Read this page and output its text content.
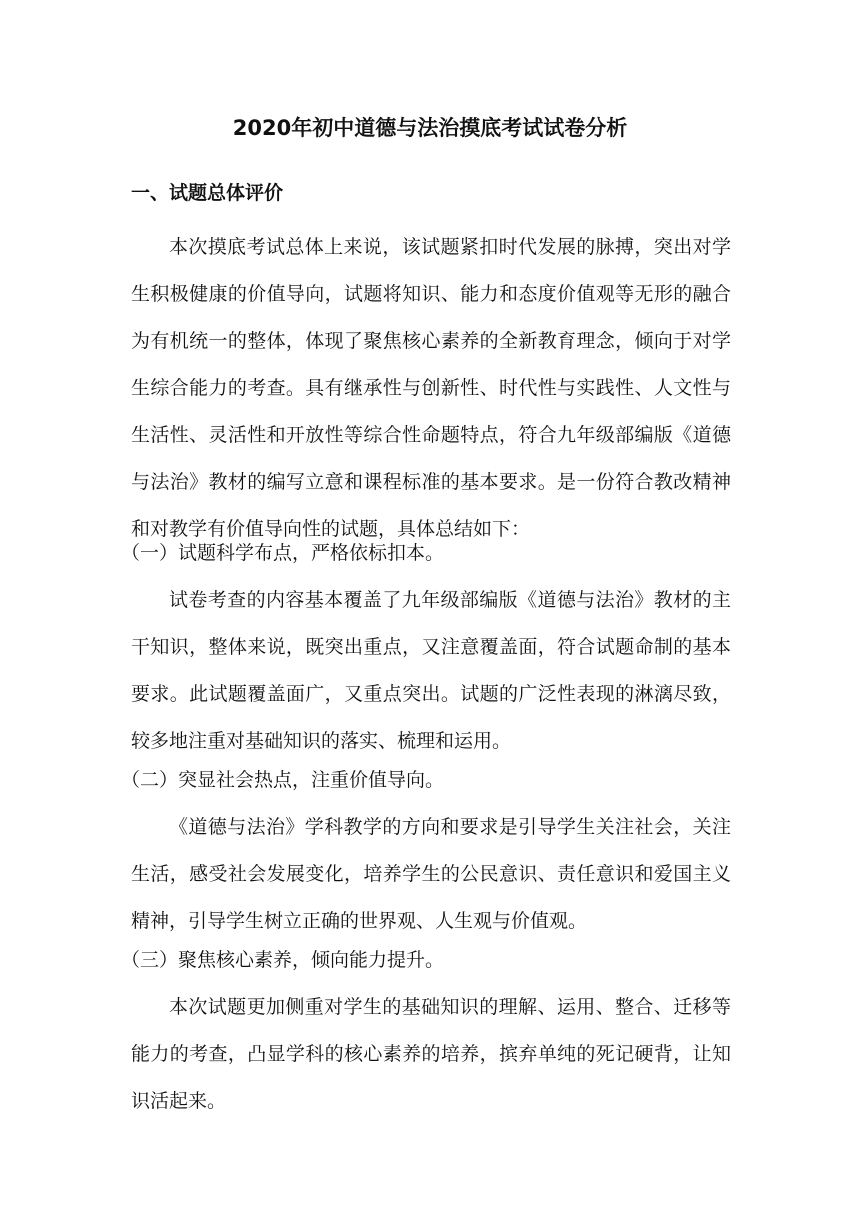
2020年初中道德与法治摸底考试试卷分析
一、试题总体评价

本次摸底考试总体上来说，该试题紧扣时代发展的脉搏，突出对学生积极健康的价值导向，试题将知识、能力和态度价值观等无形的融合为有机统一的整体，体现了聚焦核心素养的全新教育理念，倾向于对学生综合能力的考查。具有继承性与创新性、时代性与实践性、人文性与生活性、灵活性和开放性等综合性命题特点，符合九年级部编版《道德与法治》教材的编写立意和课程标准的基本要求。是一份符合教改精神和对教学有价值导向性的试题，具体总结如下：

（一）试题科学布点，严格依标扣本。

试卷考查的内容基本覆盖了九年级部编版《道德与法治》教材的主干知识，整体来说，既突出重点，又注意覆盖面，符合试题命制的基本要求。此试题覆盖面广，又重点突出。试题的广泛性表现的淋漓尽致，较多地注重对基础知识的落实、梳理和运用。

（二）突显社会热点，注重价值导向。

《道德与法治》学科教学的方向和要求是引导学生关注社会，关注生活，感受社会发展变化，培养学生的公民意识、责任意识和爱国主义精神，引导学生树立正确的世界观、人生观与价值观。

（三）聚焦核心素养，倾向能力提升。

本次试题更加侧重对学生的基础知识的理解、运用、整合、迁移等能力的考查，凸显学科的核心素养的培养，摈弃单纯的死记硬背，让知识活起来。
